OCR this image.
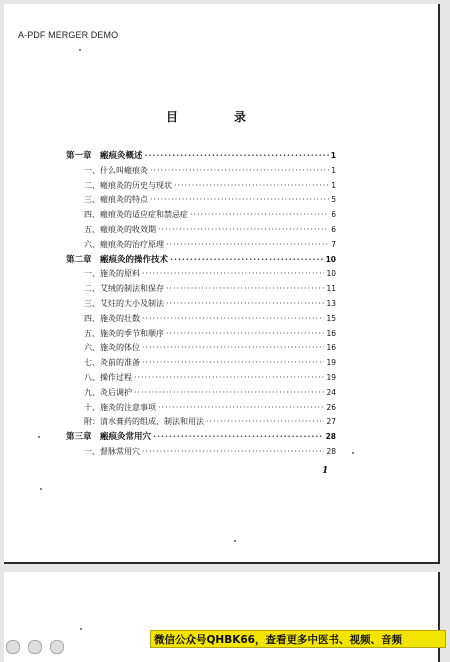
A-PDF MERGER DEMO
目　录
第一章　瘢痕灸概述 ·····	1
一、什么叫瘢痕灸 ·····	1
二、瘢痕灸的历史与现状 ·····	1
三、瘢痕灸的特点 ·····	5
四、瘢痕灸的适应症和禁忌症 ·····	6
五、瘢痕灸的收效期 ·····	6
六、瘢痕灸的治疗原理 ·····	7
第二章　瘢痕灸的操作技术 ·····	10
一、施灸的原料 ·····	10
二、艾绒的制法和保存 ·····	11
三、艾炷的大小及制法 ·····	13
四、施灸的壮数 ·····	15
五、施灸的季节和顺序 ·····	16
六、施灸的体位 ·····	16
七、灸前的准备 ·····	19
八、操作过程 ·····	19
九、灸后调护 ·····	24
十、施灸的注意事项 ·····	26
附：清水膏药的组成、制法和用法 ·····	27
第三章　瘢痕灸常用穴 ·····	28
一、督脉常用穴 ·····	28
1
微信公众号QHBK66，查看更多中医书、视频、音频
